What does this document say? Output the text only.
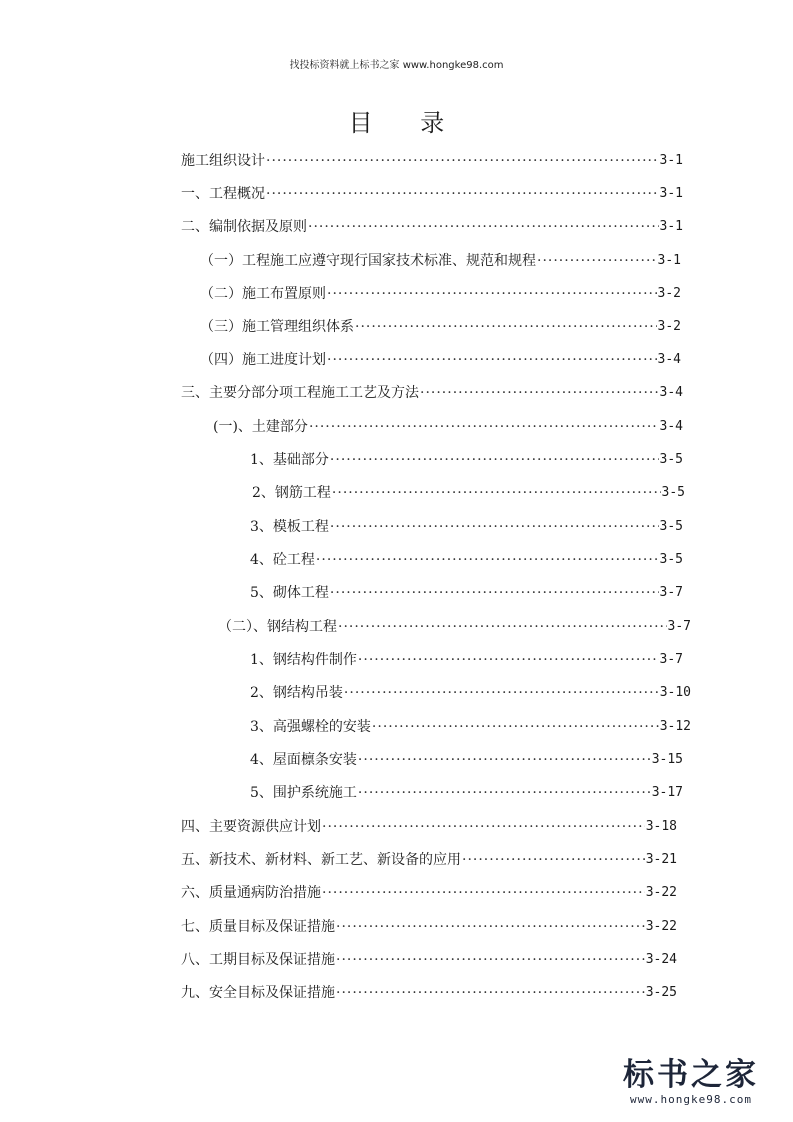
找投标资料就上标书之家 www.hongke98.com
目 录
施工组织设计 ·····	3-1
一、工程概况 ·····	3-1
二、编制依据及原则 ·····	3-1
（一）工程施工应遵守现行国家技术标准、规范和规程 ·····	3-1
（二）施工布置原则 ·····	3-2
（三）施工管理组织体系 ·····	3-2
（四）施工进度计划 ·····	3-4
三、主要分部分项工程施工工艺及方法 ·····	3-4
(一)、土建部分 ·····	3-4
1、基础部分 ·····	3-5
2、钢筋工程 ·····	3-5
3、模板工程 ·····	3-5
4、砼工程 ·····	3-5
5、砌体工程 ·····	3-7
（二）、钢结构工程 ·····	3-7
1、钢结构件制作 ·····	3-7
2、钢结构吊装 ·····	3-10
3、高强螺栓的安装 ·····	3-12
4、屋面檩条安装 ·····	3-15
5、围护系统施工 ·····	3-17
四、主要资源供应计划 ·····	3-18
五、新技术、新材料、新工艺、新设备的应用 ·····	3-21
六、质量通病防治措施 ·····	3-22
七、质量目标及保证措施 ·····	3-22
八、工期目标及保证措施 ·····	3-24
九、安全目标及保证措施 ·····	3-25
标书之家
www.hongke98.com
